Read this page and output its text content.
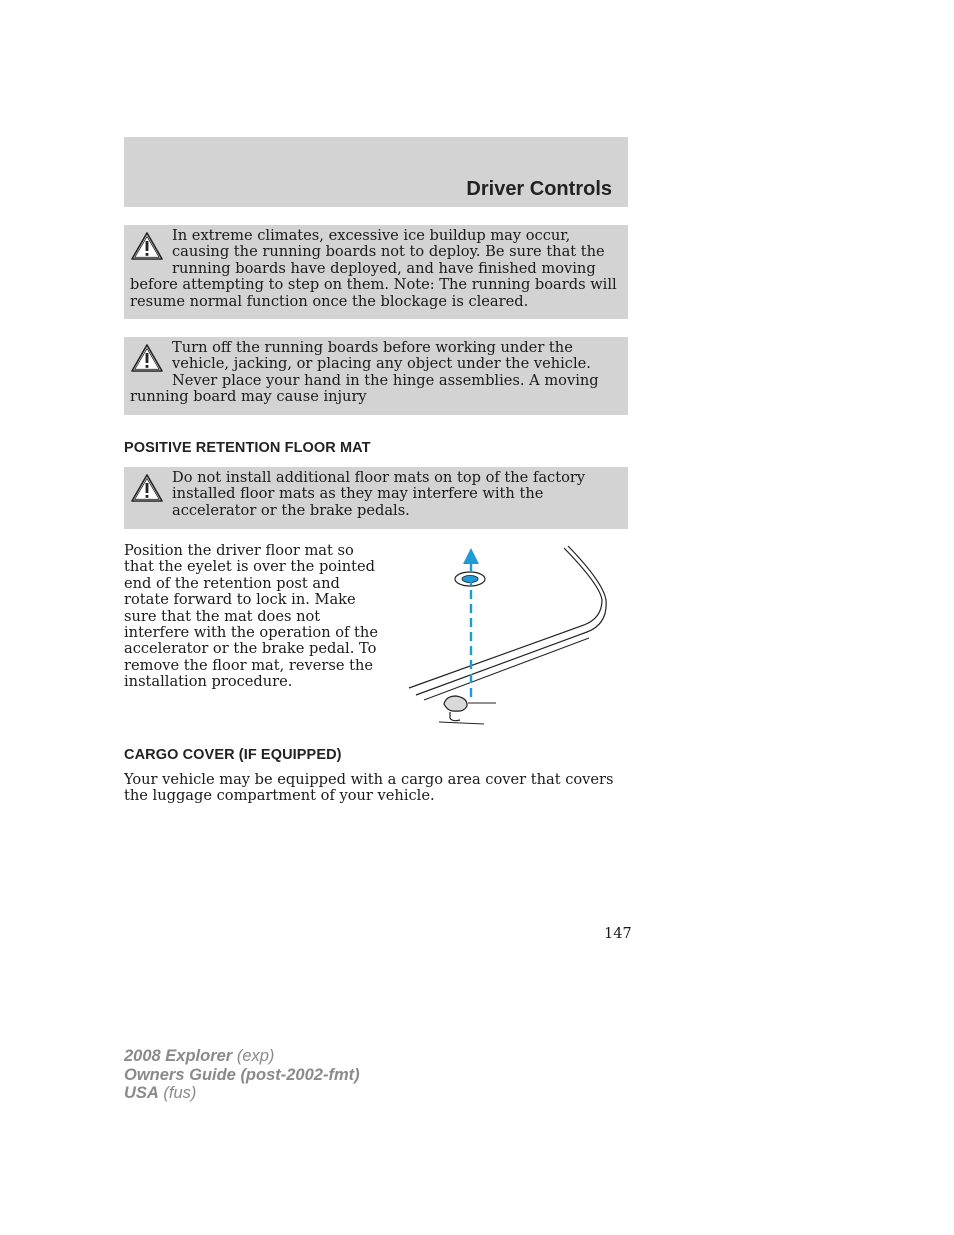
Driver Controls
In extreme climates, excessive ice buildup may occur, causing the running boards not to deploy. Be sure that the running boards have deployed, and have finished moving before attempting to step on them. Note: The running boards will resume normal function once the blockage is cleared.
Turn off the running boards before working under the vehicle, jacking, or placing any object under the vehicle. Never place your hand in the hinge assemblies. A moving running board may cause injury
POSITIVE RETENTION FLOOR MAT
Do not install additional floor mats on top of the factory installed floor mats as they may interfere with the accelerator or the brake pedals.
Position the driver floor mat so that the eyelet is over the pointed end of the retention post and rotate forward to lock in. Make sure that the mat does not interfere with the operation of the accelerator or the brake pedal. To remove the floor mat, reverse the installation procedure.
CARGO COVER (IF EQUIPPED)
Your vehicle may be equipped with a cargo area cover that covers the luggage compartment of your vehicle.
147
2008 Explorer (exp)
Owners Guide (post-2002-fmt)
USA (fus)
